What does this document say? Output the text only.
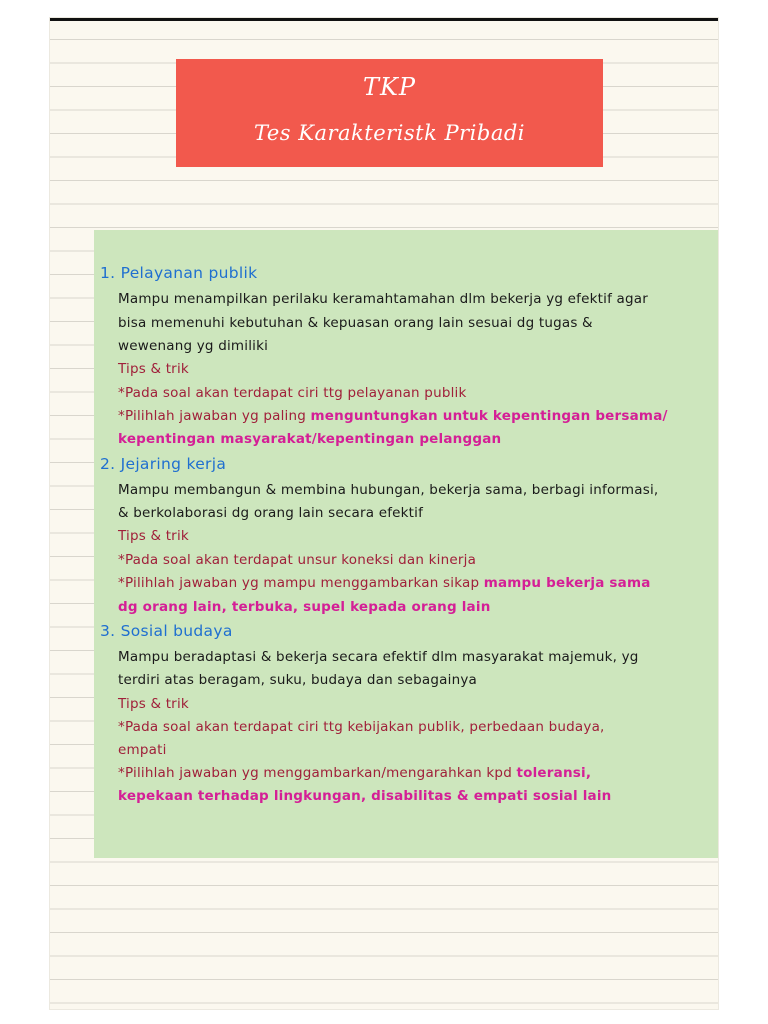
TKP
Tes Karakteristk Pribadi
1. Pelayanan publik
Mampu menampilkan perilaku keramahtamahan dlm bekerja yg efektif agar
bisa memenuhi kebutuhan & kepuasan orang lain sesuai dg tugas &
wewenang yg dimiliki
Tips & trik
*Pada soal akan terdapat ciri ttg pelayanan publik
*Pilihlah jawaban yg paling menguntungkan untuk kepentingan bersama/
kepentingan masyarakat/kepentingan pelanggan
2. Jejaring kerja
Mampu membangun & membina hubungan, bekerja sama, berbagi informasi,
& berkolaborasi dg orang lain secara efektif
Tips & trik
*Pada soal akan terdapat unsur koneksi dan kinerja
*Pilihlah jawaban yg mampu menggambarkan sikap mampu bekerja sama
dg orang lain, terbuka, supel kepada orang lain
3. Sosial budaya
Mampu beradaptasi & bekerja secara efektif dlm masyarakat majemuk, yg
terdiri atas beragam, suku, budaya dan sebagainya
Tips & trik
*Pada soal akan terdapat ciri ttg kebijakan publik, perbedaan budaya,
empati
*Pilihlah jawaban yg menggambarkan/mengarahkan kpd toleransi,
kepekaan terhadap lingkungan, disabilitas & empati sosial lain
